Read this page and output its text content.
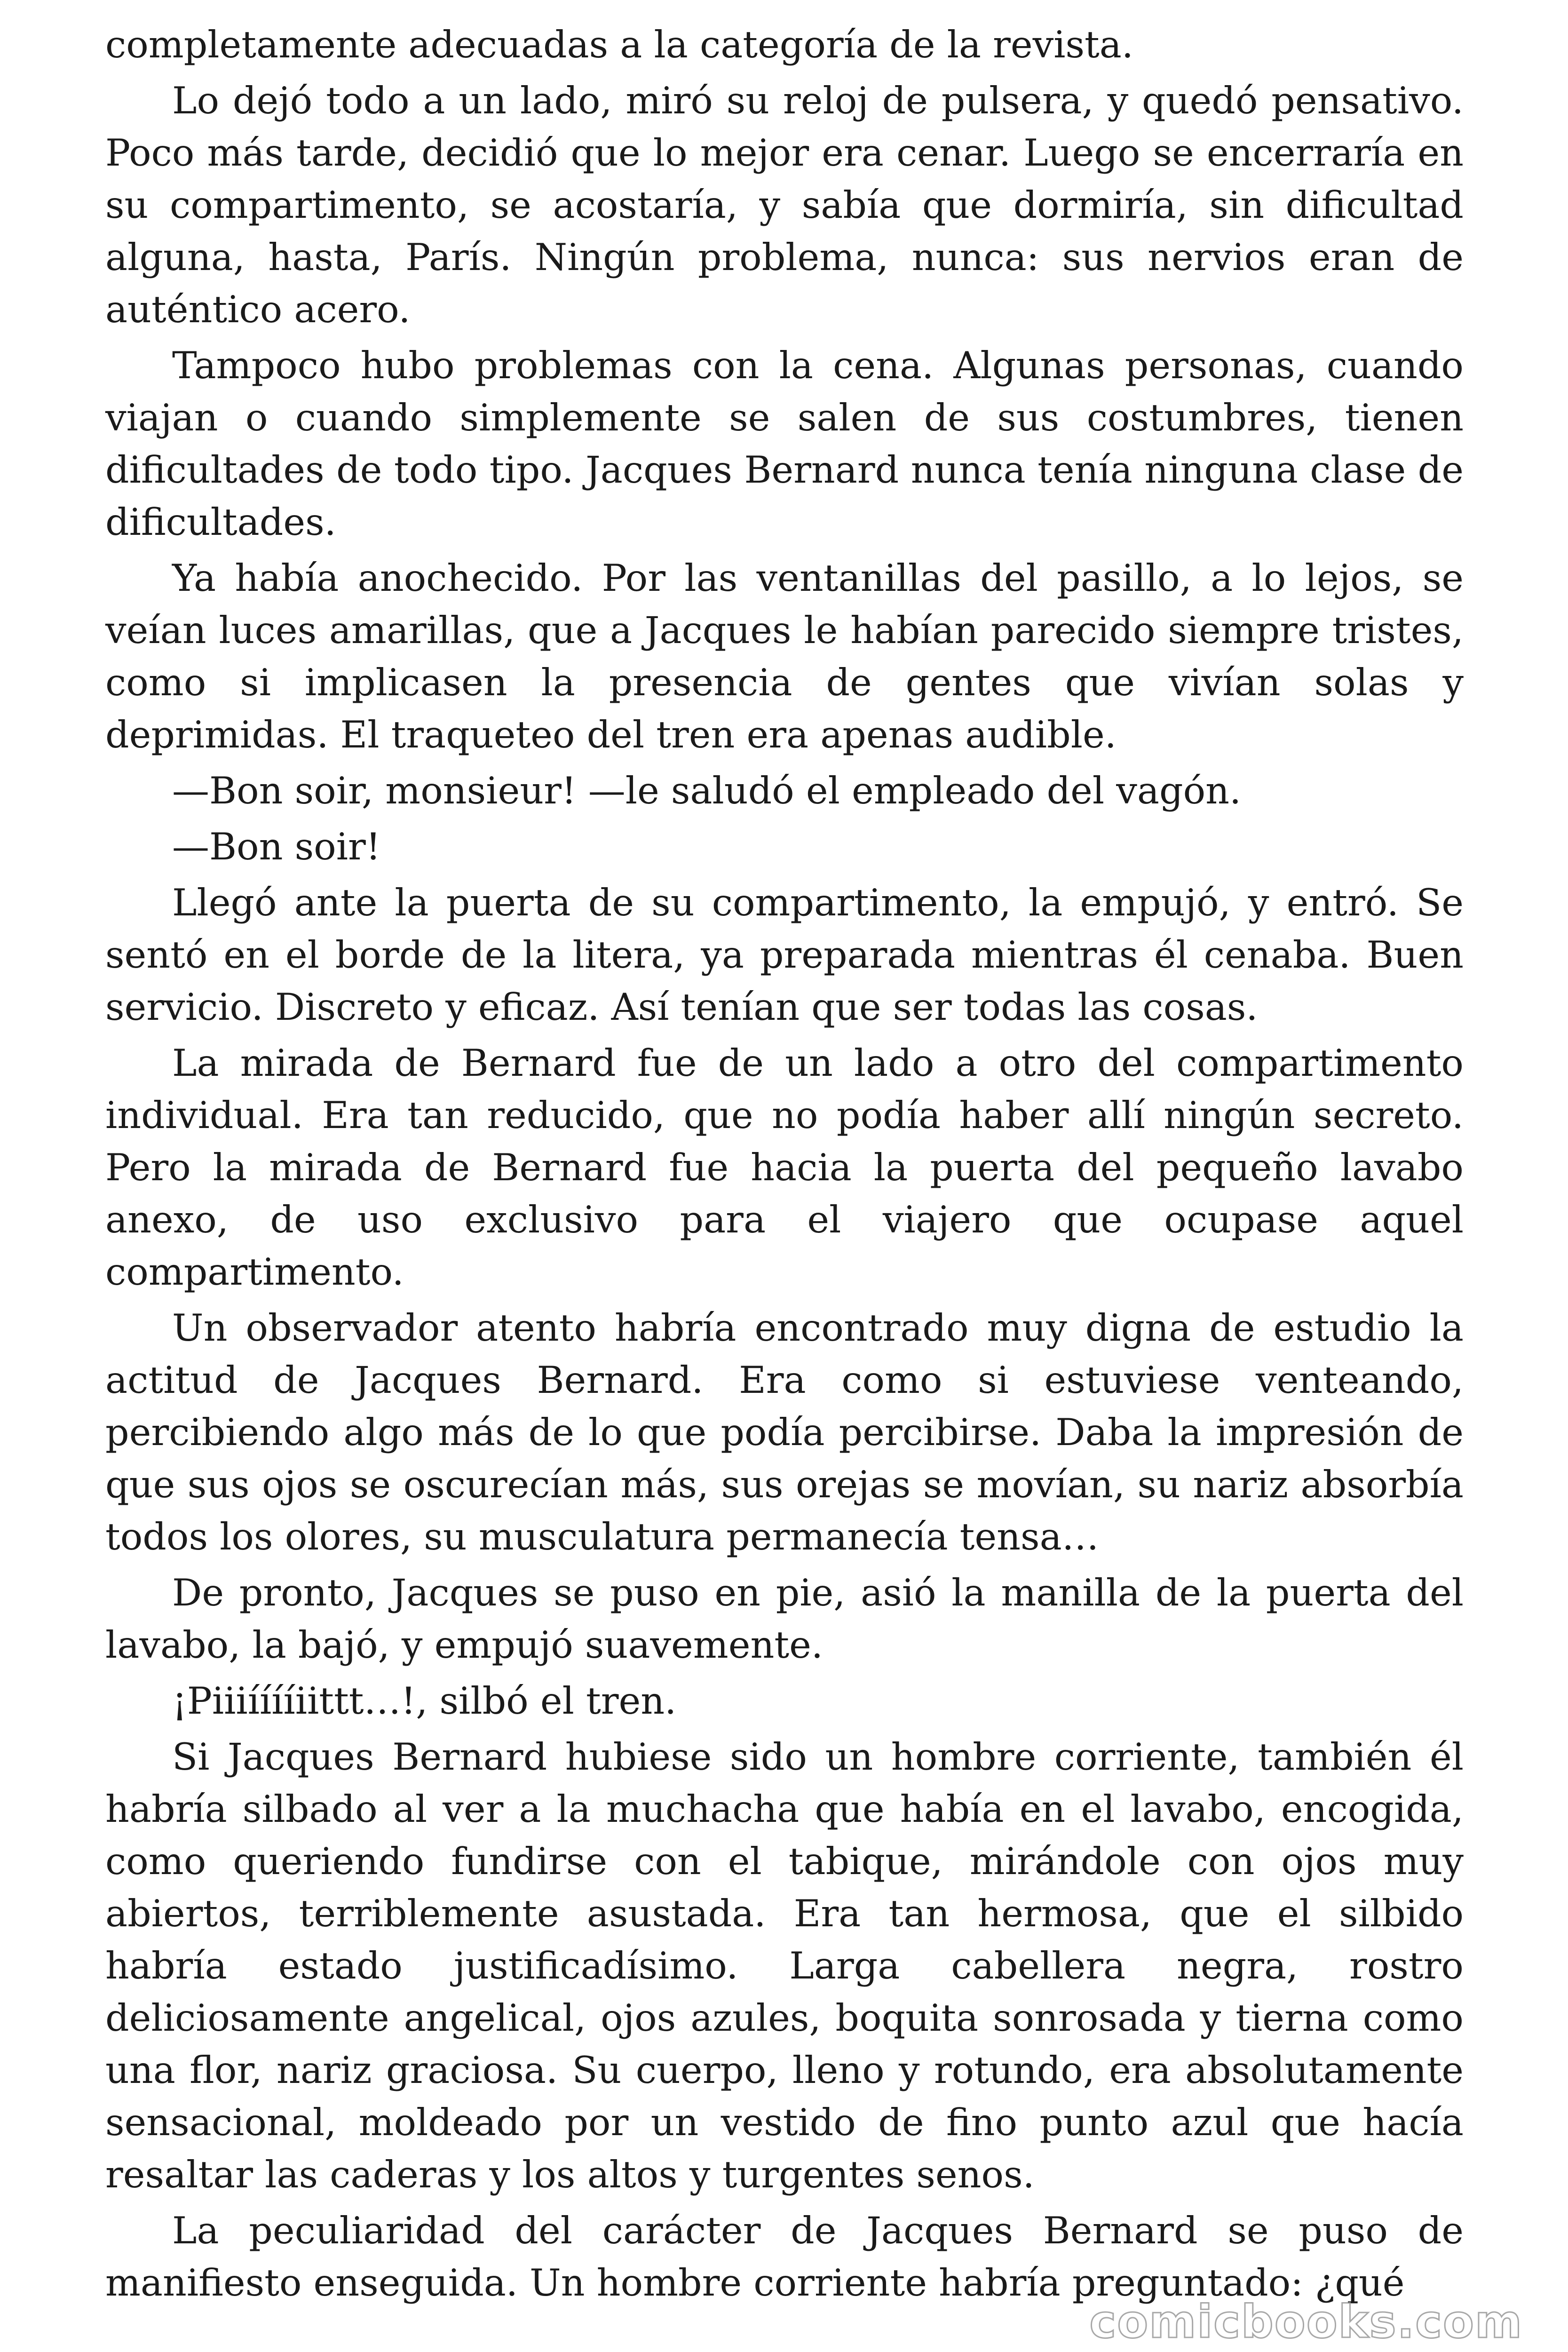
completamente adecuadas a la categoría de la revista.

Lo dejó todo a un lado, miró su reloj de pulsera, y quedó pensativo. Poco más tarde, decidió que lo mejor era cenar. Luego se encerraría en su compartimento, se acostaría, y sabía que dormiría, sin dificultad alguna, hasta, París. Ningún problema, nunca: sus nervios eran de auténtico acero.

Tampoco hubo problemas con la cena. Algunas personas, cuando viajan o cuando simplemente se salen de sus costumbres, tienen dificultades de todo tipo. Jacques Bernard nunca tenía ninguna clase de dificultades.

Ya había anochecido. Por las ventanillas del pasillo, a lo lejos, se veían luces amarillas, que a Jacques le habían parecido siempre tristes, como si implicasen la presencia de gentes que vivían solas y deprimidas. El traqueteo del tren era apenas audible.

—Bon soir, monsieur! —le saludó el empleado del vagón.

—Bon soir!

Llegó ante la puerta de su compartimento, la empujó, y entró. Se sentó en el borde de la litera, ya preparada mientras él cenaba. Buen servicio. Discreto y eficaz. Así tenían que ser todas las cosas.

La mirada de Bernard fue de un lado a otro del compartimento individual. Era tan reducido, que no podía haber allí ningún secreto. Pero la mirada de Bernard fue hacia la puerta del pequeño lavabo anexo, de uso exclusivo para el viajero que ocupase aquel compartimento.

Un observador atento habría encontrado muy digna de estudio la actitud de Jacques Bernard. Era como si estuviese venteando, percibiendo algo más de lo que podía percibirse. Daba la impresión de que sus ojos se oscurecían más, sus orejas se movían, su nariz absorbía todos los olores, su musculatura permanecía tensa…

De pronto, Jacques se puso en pie, asió la manilla de la puerta del lavabo, la bajó, y empujó suavemente.

¡Piiiííííiittt…!, silbó el tren.

Si Jacques Bernard hubiese sido un hombre corriente, también él habría silbado al ver a la muchacha que había en el lavabo, encogida, como queriendo fundirse con el tabique, mirándole con ojos muy abiertos, terriblemente asustada. Era tan hermosa, que el silbido habría estado justificadísimo. Larga cabellera negra, rostro deliciosamente angelical, ojos azules, boquita sonrosada y tierna como una flor, nariz graciosa. Su cuerpo, lleno y rotundo, era absolutamente sensacional, moldeado por un vestido de fino punto azul que hacía resaltar las caderas y los altos y turgentes senos.

La peculiaridad del carácter de Jacques Bernard se puso de manifiesto enseguida. Un hombre corriente habría preguntado: ¿qué

comicbooks.com
